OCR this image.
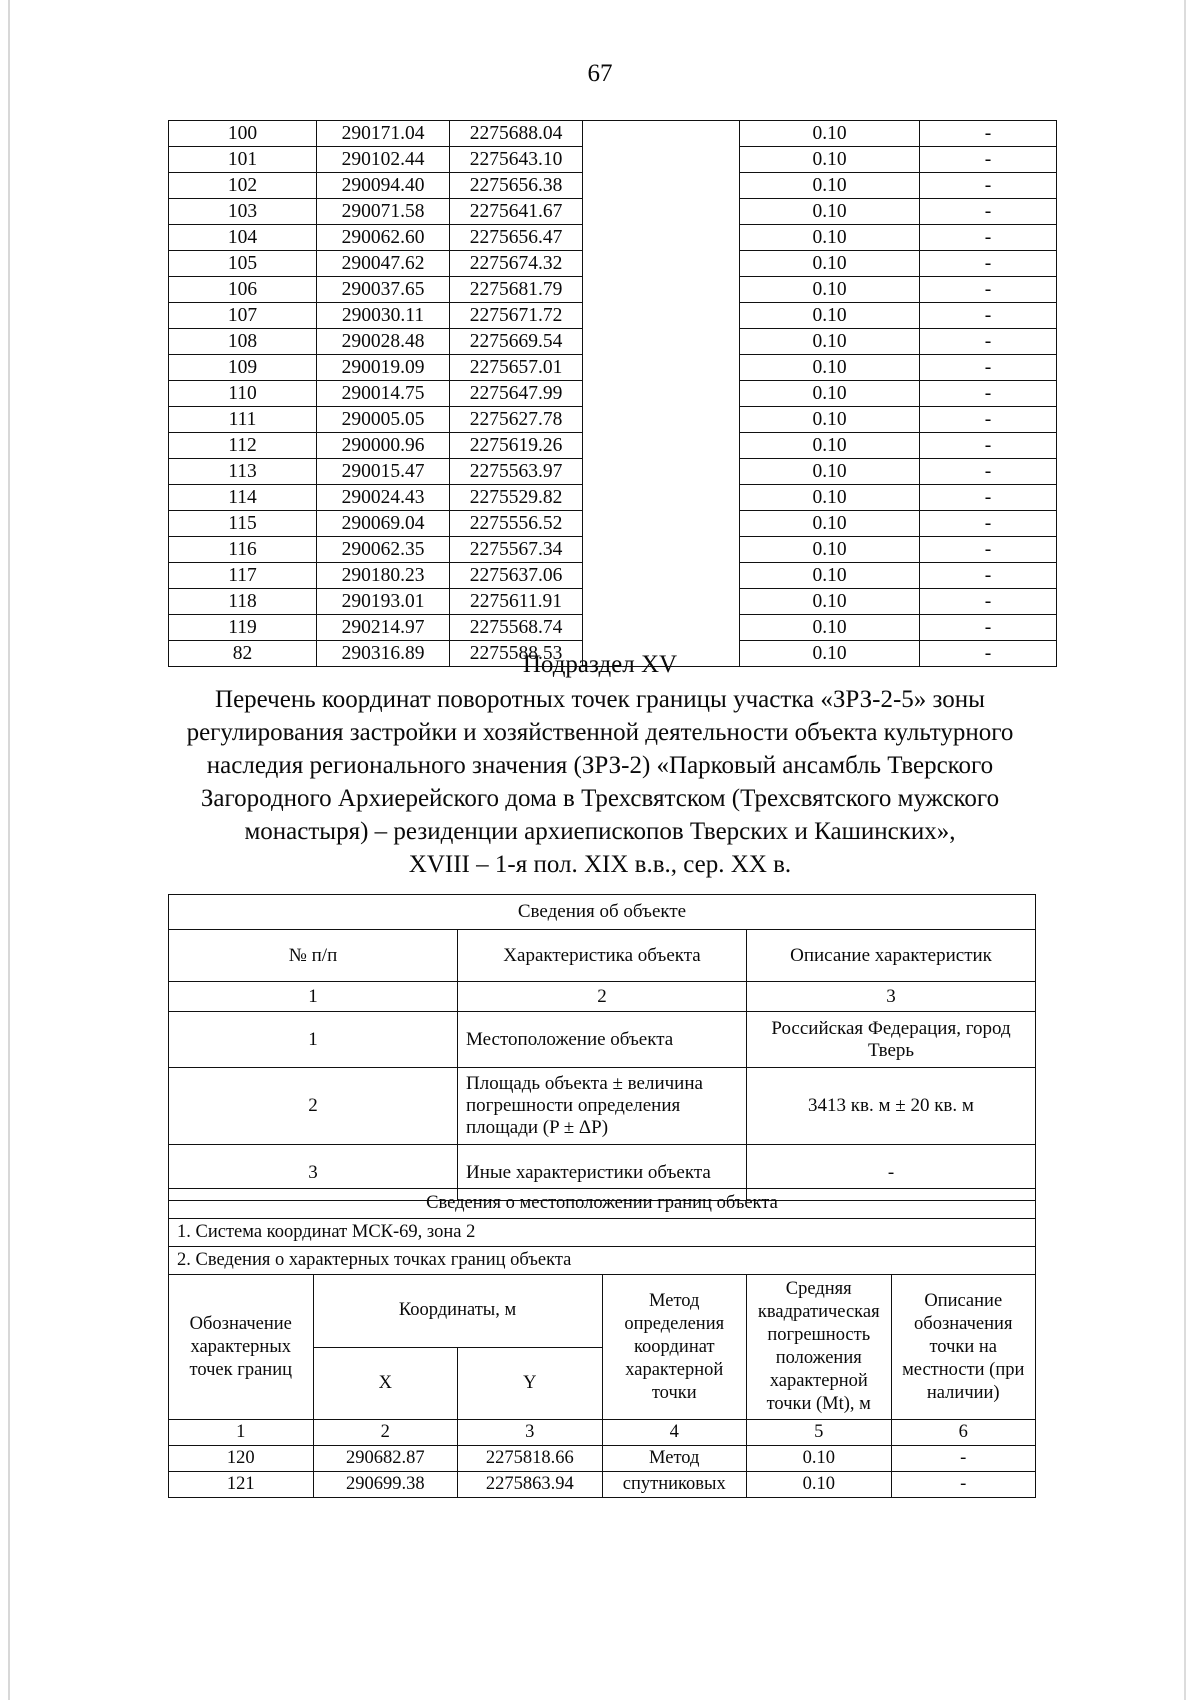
67
100	290171.04	2275688.04		0.10	-
101	290102.44	2275643.10		0.10	-
102	290094.40	2275656.38		0.10	-
103	290071.58	2275641.67		0.10	-
104	290062.60	2275656.47		0.10	-
105	290047.62	2275674.32		0.10	-
106	290037.65	2275681.79		0.10	-
107	290030.11	2275671.72		0.10	-
108	290028.48	2275669.54		0.10	-
109	290019.09	2275657.01		0.10	-
110	290014.75	2275647.99		0.10	-
111	290005.05	2275627.78		0.10	-
112	290000.96	2275619.26		0.10	-
113	290015.47	2275563.97		0.10	-
114	290024.43	2275529.82		0.10	-
115	290069.04	2275556.52		0.10	-
116	290062.35	2275567.34		0.10	-
117	290180.23	2275637.06		0.10	-
118	290193.01	2275611.91		0.10	-
119	290214.97	2275568.74		0.10	-
82	290316.89	2275588.53		0.10	-
Подраздел XV
Перечень координат поворотных точек границы участка «ЗРЗ-2-5» зоны
регулирования застройки и хозяйственной деятельности объекта культурного
наследия регионального значения (ЗРЗ-2) «Парковый ансамбль Тверского
Загородного Архиерейского дома в Трехсвятском (Трехсвятского мужского
монастыря) – резиденции архиепископов Тверских и Кашинских»,
XVIII – 1-я пол. XIX в.в., сер. XX в.
Сведения об объекте		
№ п/п	Характеристика объекта	Описание характеристик
1	2	3
1	Местоположение объекта	Российская Федерация, город Тверь
2	Площадь объекта ± величина погрешности определения площади (P ± ΔP)	3413 кв. м ± 20 кв. м
3	Иные характеристики объекта	-
Сведения о местоположении границ объекта					
1. Система координат МСК-69, зона 2					
2. Сведения о характерных точках границ объекта					
Обозначение характерных точек границ	Координаты, м		Метод определения координат характерной точки	Средняя квадратическая погрешность положения характерной точки (Mt), м	Описание обозначения точки на местности (при наличии)
	X	Y			
1	2	3	4	5	6
120	290682.87	2275818.66	Метод	0.10	-
121	290699.38	2275863.94	спутниковых	0.10	-
